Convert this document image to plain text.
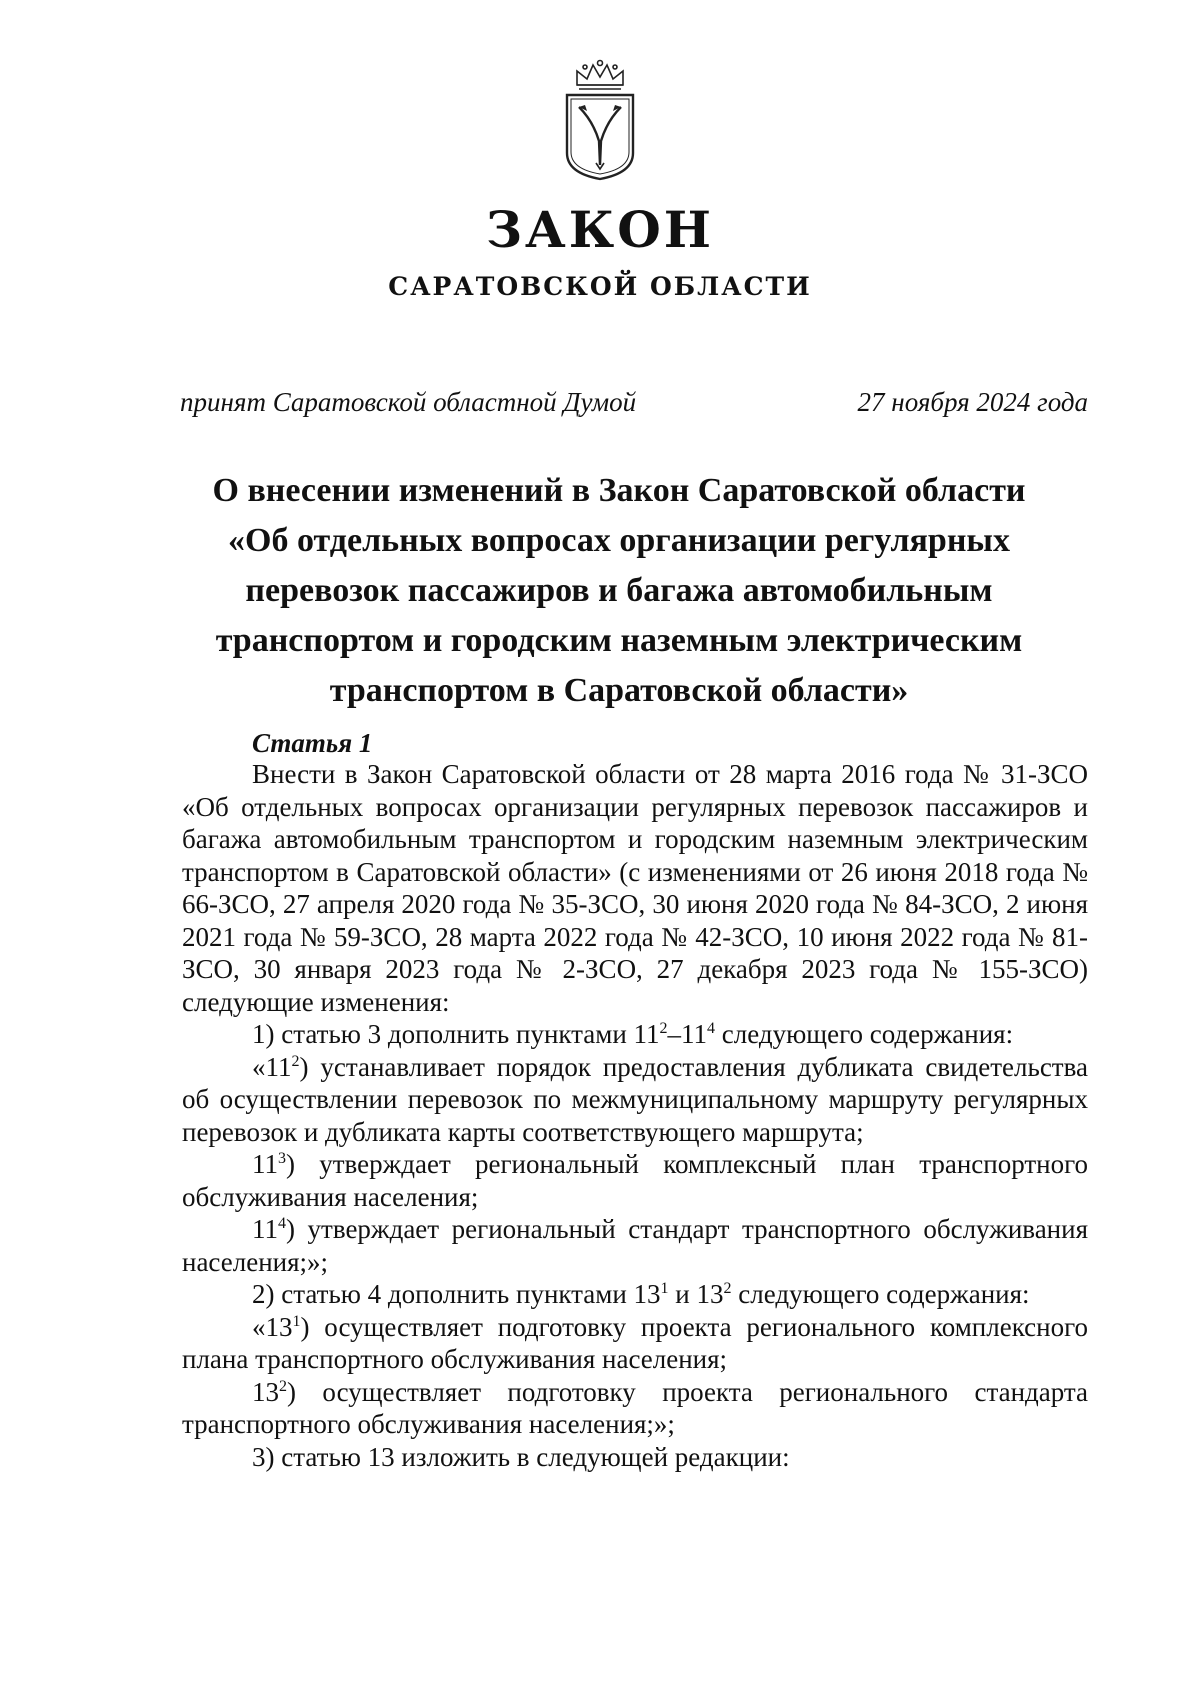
ЗАКОН
САРАТОВСКОЙ ОБЛАСТИ
принят Саратовской областной Думой	27 ноября 2024 года
О внесении изменений в Закон Саратовской области
«Об отдельных вопросах организации регулярных
перевозок пассажиров и багажа автомобильным
транспортом и городским наземным электрическим
транспортом в Саратовской области»
Статья 1

Внести в Закон Саратовской области от 28 марта 2016 года № 31-ЗСО «Об отдельных вопросах организации регулярных перевозок пассажиров и багажа автомобильным транспортом и городским наземным электрическим транспортом в Саратовской области» (с изменениями от 26 июня 2018 года № 66-ЗСО, 27 апреля 2020 года № 35-ЗСО, 30 июня 2020 года № 84-ЗСО, 2 июня 2021 года № 59-ЗСО, 28 марта 2022 года № 42-ЗСО, 10 июня 2022 года № 81-ЗСО, 30 января 2023 года № 2-ЗСО, 27 декабря 2023 года № 155-ЗСО) следующие изменения:

1) статью 3 дополнить пунктами $11^2-11^4$ следующего содержания:

«$11^2$) устанавливает порядок предоставления дубликата свидетельства об осуществлении перевозок по межмуниципальному маршруту регулярных перевозок и дубликата карты соответствующего маршрута;

$11^3$) утверждает региональный комплексный план транспортного обслуживания населения;

$11^4$) утверждает региональный стандарт транспортного обслуживания населения;»;

2) статью 4 дополнить пунктами $13^1$ и $13^2$ следующего содержания:

«$13^1$) осуществляет подготовку проекта регионального комплексного плана транспортного обслуживания населения;

$13^2$) осуществляет подготовку проекта регионального стандарта транспортного обслуживания населения;»;

3) статью 13 изложить в следующей редакции:
